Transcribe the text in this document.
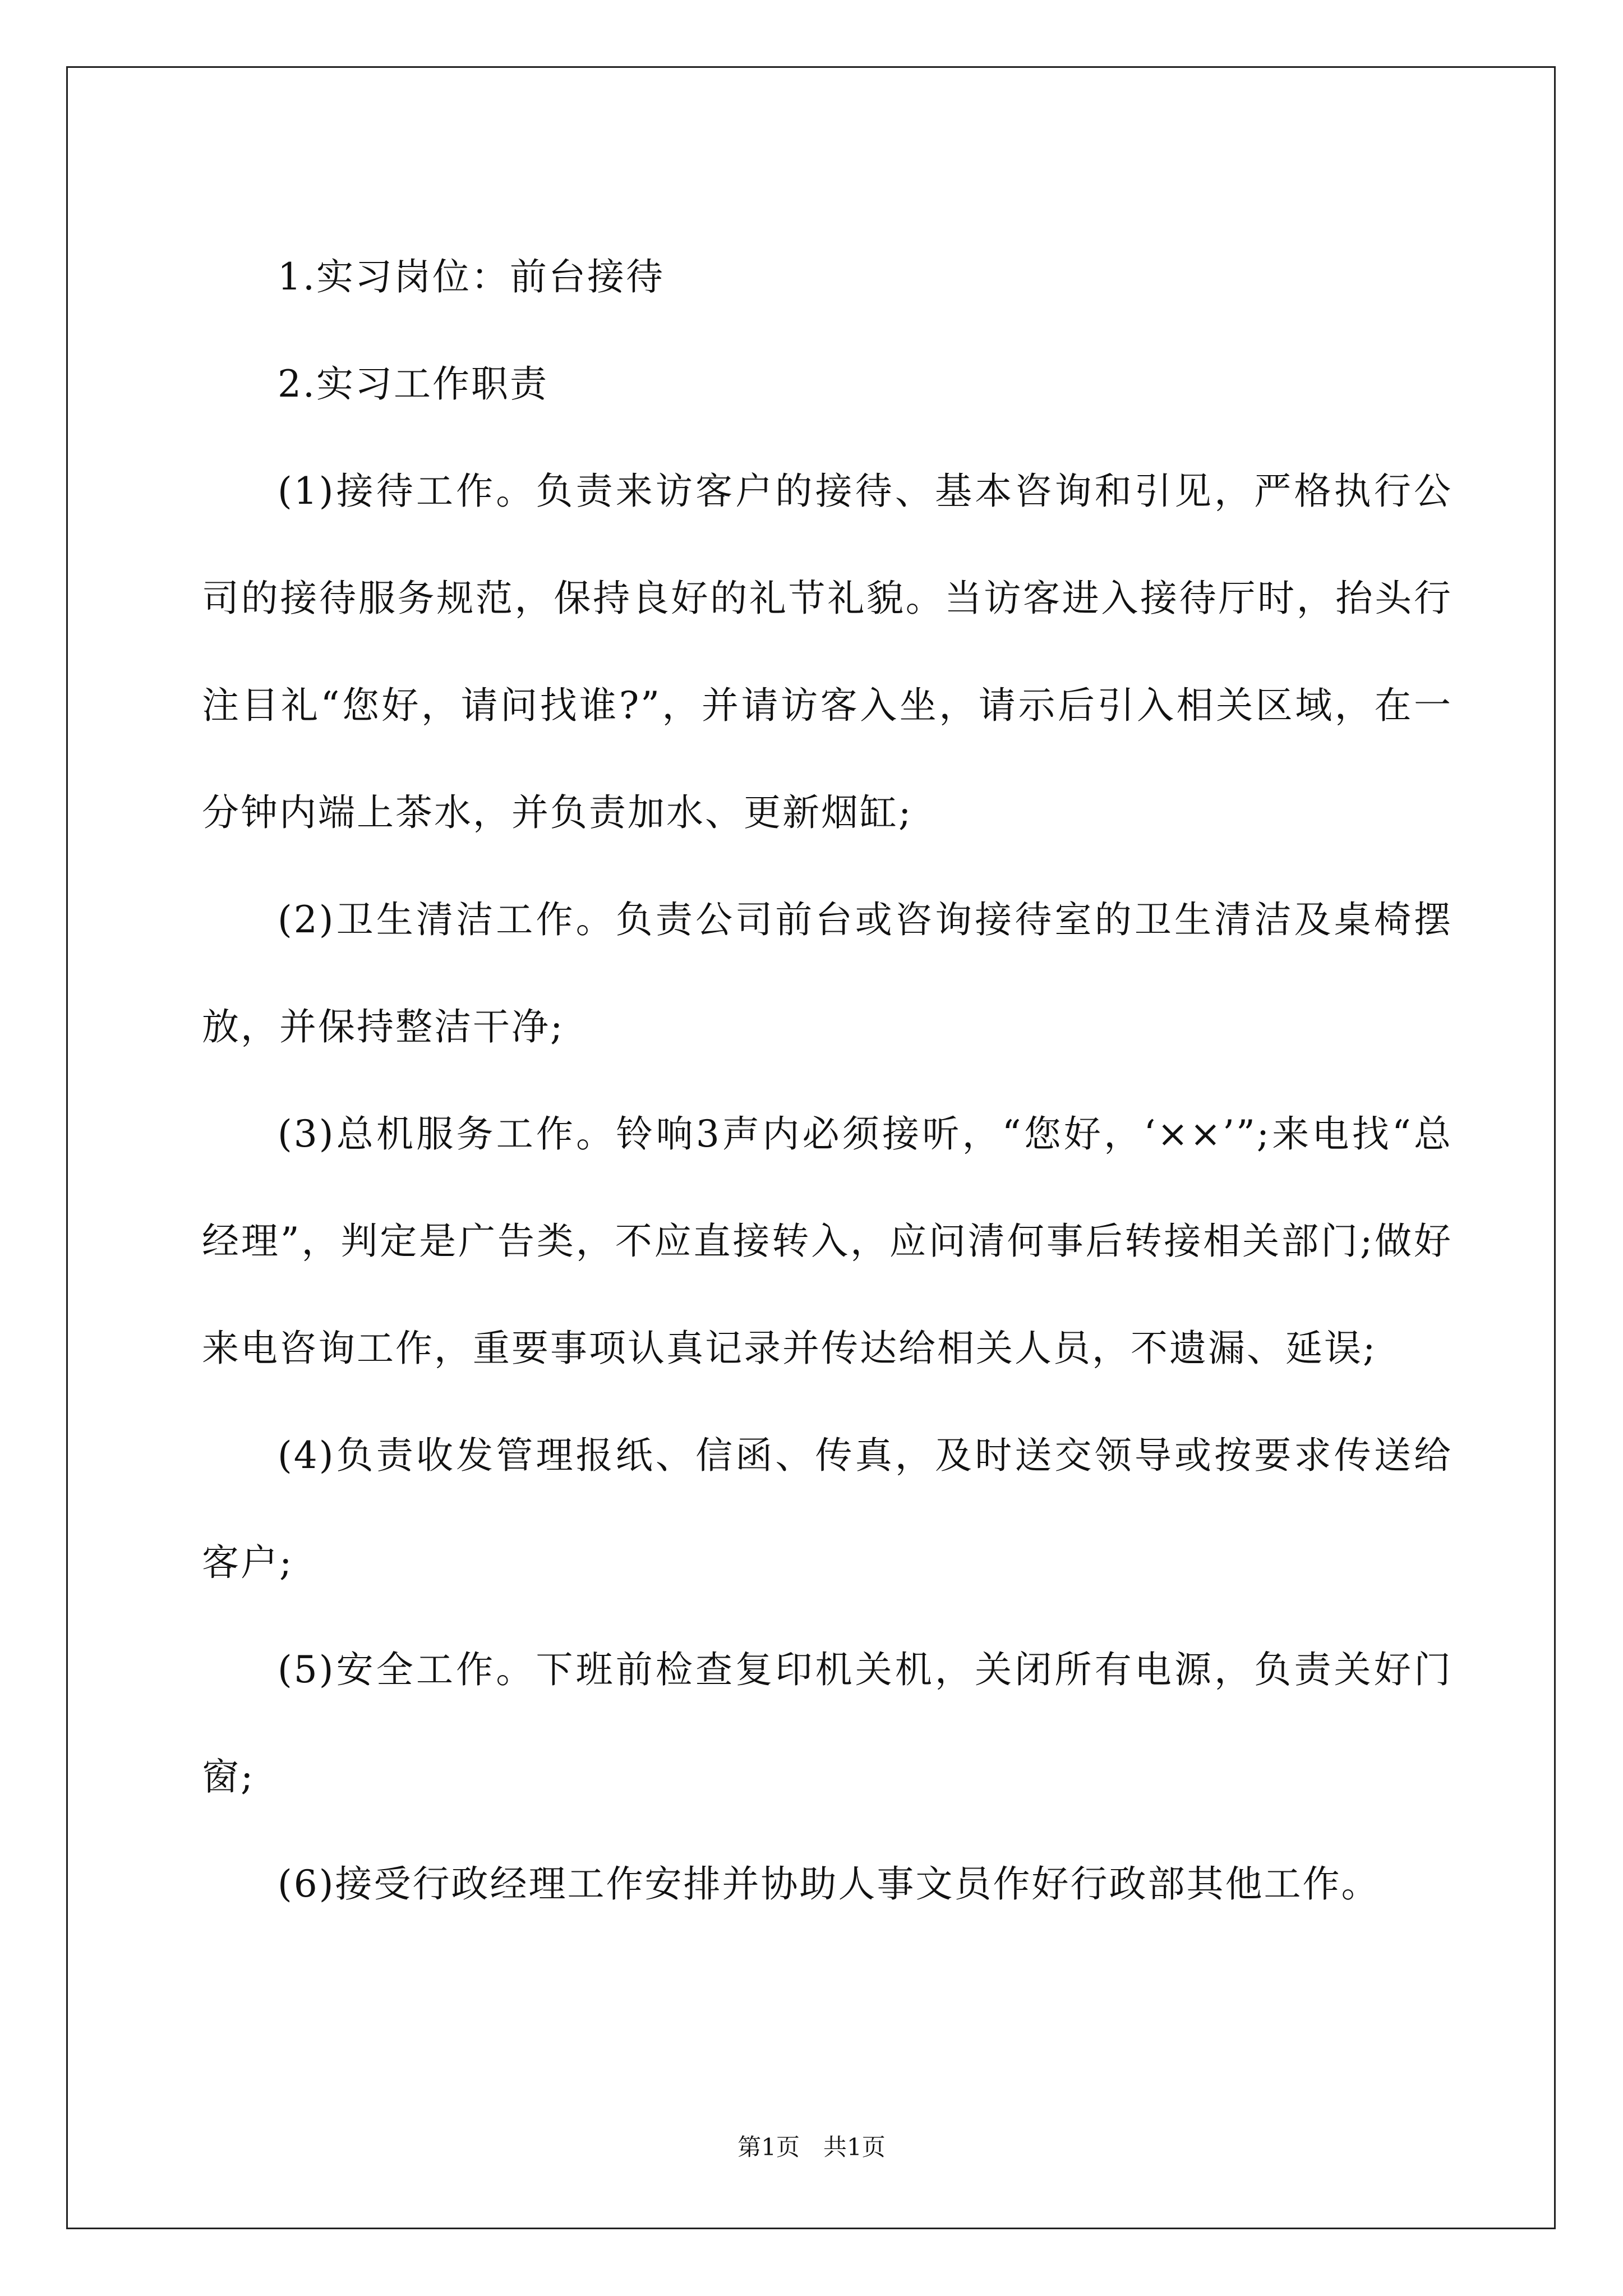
1.实习岗位：前台接待

2.实习工作职责

(1)接待工作。负责来访客户的接待、基本咨询和引见，严格执行公司的接待服务规范，保持良好的礼节礼貌。当访客进入接待厅时，抬头行注目礼“您好，请问找谁?”，并请访客入坐，请示后引入相关区域，在一分钟内端上茶水，并负责加水、更新烟缸;

(2)卫生清洁工作。负责公司前台或咨询接待室的卫生清洁及桌椅摆放，并保持整洁干净;

(3)总机服务工作。铃响3声内必须接听，“您好，‘××’”;来电找“总经理”，判定是广告类，不应直接转入，应问清何事后转接相关部门;做好来电咨询工作，重要事项认真记录并传达给相关人员，不遗漏、延误;

(4)负责收发管理报纸、信函、传真，及时送交领导或按要求传送给客户;

(5)安全工作。下班前检查复印机关机，关闭所有电源，负责关好门窗;

(6)接受行政经理工作安排并协助人事文员作好行政部其他工作。

第1页　共1页
